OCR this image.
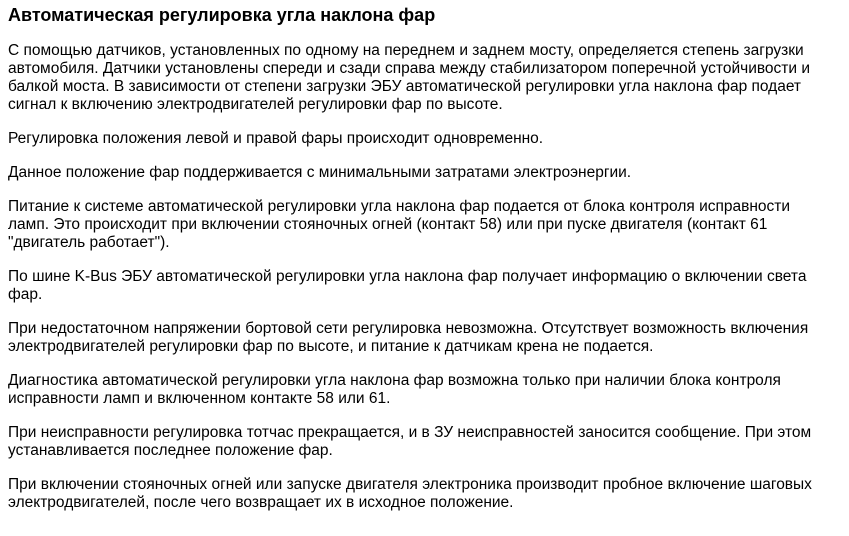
Автоматическая регулировка угла наклона фар

С помощью датчиков, установленных по одному на переднем и заднем мосту, определяется степень загрузки автомобиля. Датчики установлены спереди и сзади справа между стабилизатором поперечной устойчивости и балкой моста. В зависимости от степени загрузки ЭБУ автоматической регулировки угла наклона фар подает сигнал к включению электродвигателей регулировки фар по высоте.

Регулировка положения левой и правой фары происходит одновременно.

Данное положение фар поддерживается с минимальными затратами электроэнергии.

Питание к системе автоматической регулировки угла наклона фар подается от блока контроля исправности ламп. Это происходит при включении стояночных огней (контакт 58) или при пуске двигателя (контакт 61 "двигатель работает").

По шине K-Bus ЭБУ автоматической регулировки угла наклона фар получает информацию о включении света фар.

При недостаточном напряжении бортовой сети регулировка невозможна. Отсутствует возможность включения электродвигателей регулировки фар по высоте, и питание к датчикам крена не подается.

Диагностика автоматической регулировки угла наклона фар возможна только при наличии блока контроля исправности ламп и включенном контакте 58 или 61.

При неисправности регулировка тотчас прекращается, и в ЗУ неисправностей заносится сообщение. При этом устанавливается последнее положение фар.

При включении стояночных огней или запуске двигателя электроника производит пробное включение шаговых электродвигателей, после чего возвращает их в исходное положение.
